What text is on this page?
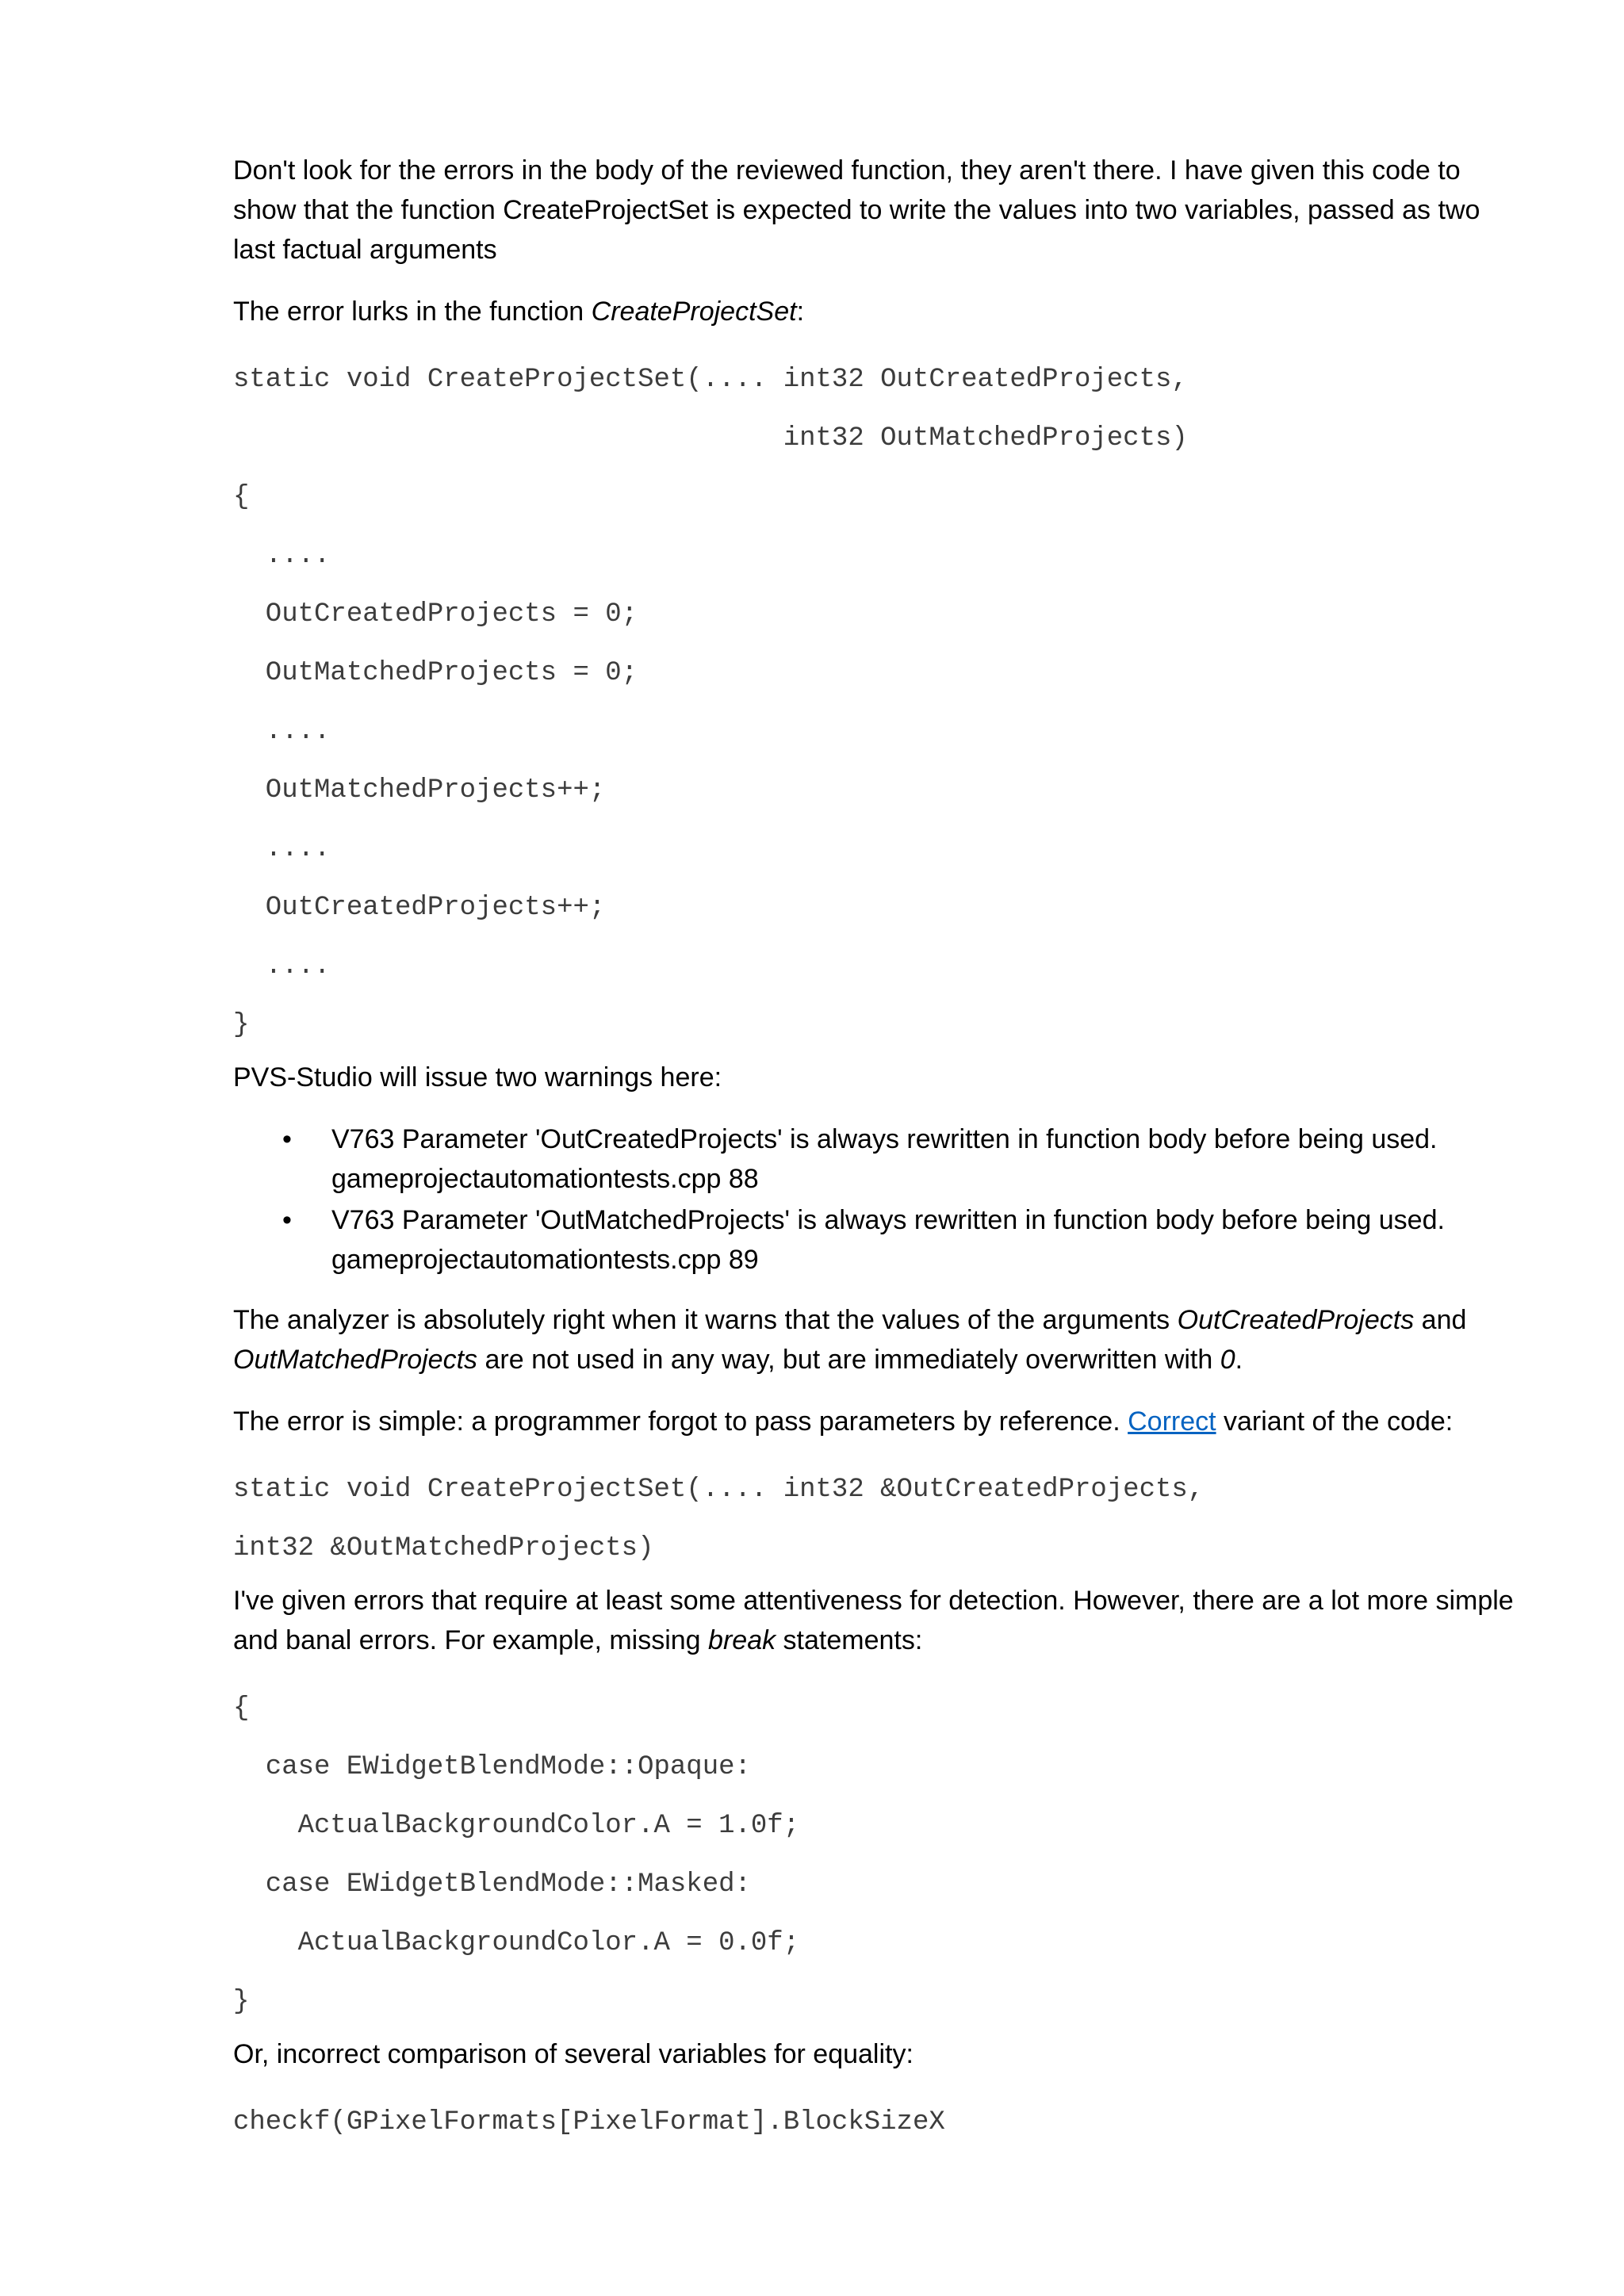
Don't look for the errors in the body of the reviewed function, they aren't there. I have given this code to show that the function CreateProjectSet is expected to write the values into two variables, passed as two last factual arguments

The error lurks in the function CreateProjectSet:

static void CreateProjectSet(.... int32 OutCreatedProjects,
int32 OutMatchedProjects)
{
....
OutCreatedProjects = 0;
OutMatchedProjects = 0;
....
OutMatchedProjects++;
....
OutCreatedProjects++;
....
}

PVS-Studio will issue two warnings here:

• V763 Parameter 'OutCreatedProjects' is always rewritten in function body before being used. gameprojectautomationtests.cpp 88
• V763 Parameter 'OutMatchedProjects' is always rewritten in function body before being used. gameprojectautomationtests.cpp 89

The analyzer is absolutely right when it warns that the values of the arguments OutCreatedProjects and OutMatchedProjects are not used in any way, but are immediately overwritten with 0.

The error is simple: a programmer forgot to pass parameters by reference. Correct variant of the code:

static void CreateProjectSet(.... int32 &OutCreatedProjects,
int32 &OutMatchedProjects)

I've given errors that require at least some attentiveness for detection. However, there are a lot more simple and banal errors. For example, missing break statements:

{
case EWidgetBlendMode::Opaque:
ActualBackgroundColor.A = 1.0f;
case EWidgetBlendMode::Masked:
ActualBackgroundColor.A = 0.0f;
}

Or, incorrect comparison of several variables for equality:

checkf(GPixelFormats[PixelFormat].BlockSizeX
